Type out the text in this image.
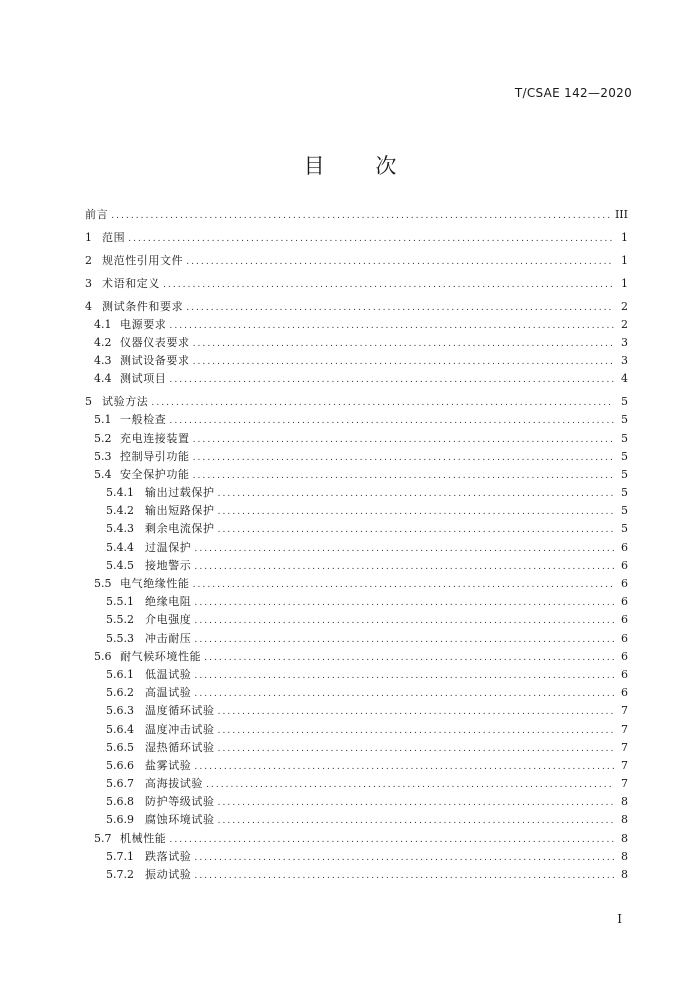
T/CSAE 142—2020
目 次
前言 .....	III
1 范围 .....	1
2 规范性引用文件 .....	1
3 术语和定义 .....	1
4 测试条件和要求 .....	2
4.1 电源要求 .....	2
4.2 仪器仪表要求 .....	3
4.3 测试设备要求 .....	3
4.4 测试项目 .....	4
5 试验方法 .....	5
5.1 一般检查 .....	5
5.2 充电连接装置 .....	5
5.3 控制导引功能 .....	5
5.4 安全保护功能 .....	5
5.4.1	输出过载保护 .....	5
5.4.2	输出短路保护 .....	5
5.4.3	剩余电流保护 .....	5
5.4.4	过温保护 .....	6
5.4.5	接地警示 .....	6
5.5 电气绝缘性能 .....	6
5.5.1	绝缘电阻 .....	6
5.5.2	介电强度 .....	6
5.5.3	冲击耐压 .....	6
5.6 耐气候环境性能 .....	6
5.6.1	低温试验 .....	6
5.6.2	高温试验 .....	6
5.6.3	温度循环试验 .....	7
5.6.4	温度冲击试验 .....	7
5.6.5	湿热循环试验 .....	7
5.6.6	盐雾试验 .....	7
5.6.7	高海拔试验 .....	7
5.6.8	防护等级试验 .....	8
5.6.9	腐蚀环境试验 .....	8
5.7 机械性能 .....	8
5.7.1	跌落试验 .....	8
5.7.2	振动试验 .....	8
I
